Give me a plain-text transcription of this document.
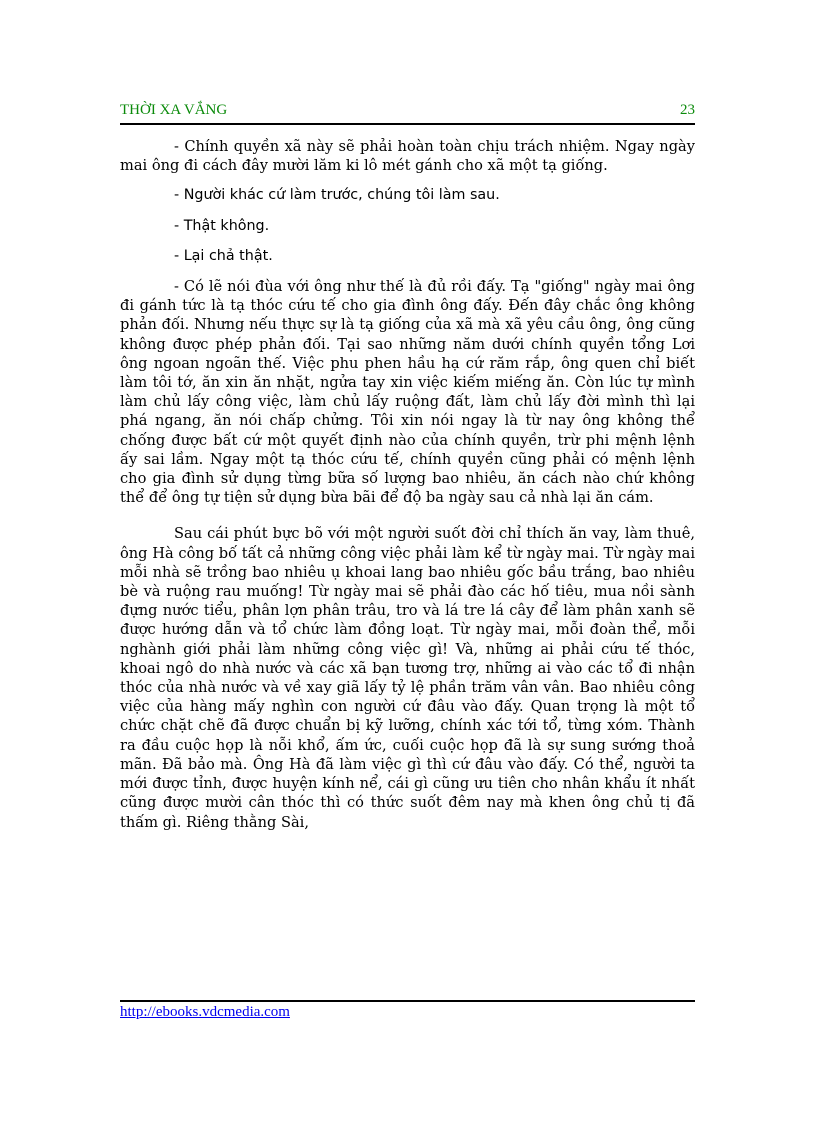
THỜI XA VẮNG	23

- Chính quyền xã này sẽ phải hoàn toàn chịu trách nhiệm. Ngay ngày mai ông đi cách đây mười lăm ki lô mét gánh cho xã một tạ giống.

- Người khác cứ làm trước, chúng tôi làm sau.

- Thật không.

- Lại chả thật.

- Có lẽ nói đùa với ông như thế là đủ rồi đấy. Tạ "giống" ngày mai ông đi gánh tức là tạ thóc cứu tế cho gia đình ông đấy. Đến đây chắc ông không phản đối. Nhưng nếu thực sự là tạ giống của xã mà xã yêu cầu ông, ông cũng không được phép phản đối. Tại sao những năm dưới chính quyền tổng Lơi ông ngoan ngoãn thế. Việc phu phen hầu hạ cứ răm rắp, ông quen chỉ biết làm tôi tớ, ăn xin ăn nhặt, ngửa tay xin việc kiếm miếng ăn. Còn lúc tự mình làm chủ lấy công việc, làm chủ lấy ruộng đất, làm chủ lấy đời mình thì lại phá ngang, ăn nói chấp chửng. Tôi xin nói ngay là từ nay ông không thể chống được bất cứ một quyết định nào của chính quyền, trừ phi mệnh lệnh ấy sai lầm. Ngay một tạ thóc cứu tế, chính quyền cũng phải có mệnh lệnh cho gia đình sử dụng từng bữa số lượng bao nhiêu, ăn cách nào chứ không thể để ông tự tiện sử dụng bừa bãi để độ ba ngày sau cả nhà lại ăn cám.

Sau cái phút bực bõ với một người suốt đời chỉ thích ăn vay, làm thuê, ông Hà công bố tất cả những công việc phải làm kể từ ngày mai. Từ ngày mai mỗi nhà sẽ trồng bao nhiêu ụ khoai lang bao nhiêu gốc bầu trắng, bao nhiêu bè và ruộng rau muống! Từ ngày mai sẽ phải đào các hố tiêu, mua nồi sành đựng nước tiểu, phân lợn phân trâu, tro và lá tre lá cây để làm phân xanh sẽ được hướng dẫn và tổ chức làm đồng loạt. Từ ngày mai, mỗi đoàn thể, mỗi nghành giới phải làm những công việc gì! Và, những ai phải cứu tế thóc, khoai ngô do nhà nước và các xã bạn tương trợ, những ai vào các tổ đi nhận thóc của nhà nước và về xay giã lấy tỷ lệ phần trăm vân vân. Bao nhiêu công việc của hàng mấy nghìn con người cứ đâu vào đấy. Quan trọng là một tổ chức chặt chẽ đã được chuẩn bị kỹ lưỡng, chính xác tới tổ, từng xóm. Thành ra đầu cuộc họp là nỗi khổ, ấm ức, cuối cuộc họp đã là sự sung sướng thoả mãn. Đã bảo mà. Ông Hà đã làm việc gì thì cứ đâu vào đấy. Có thể, người ta mới được tỉnh, được huyện kính nể, cái gì cũng ưu tiên cho nhân khẩu ít nhất cũng được mười cân thóc thì có thức suốt đêm nay mà khen ông chủ tị đã thấm gì. Riêng thằng Sài,

http://ebooks.vdcmedia.com
